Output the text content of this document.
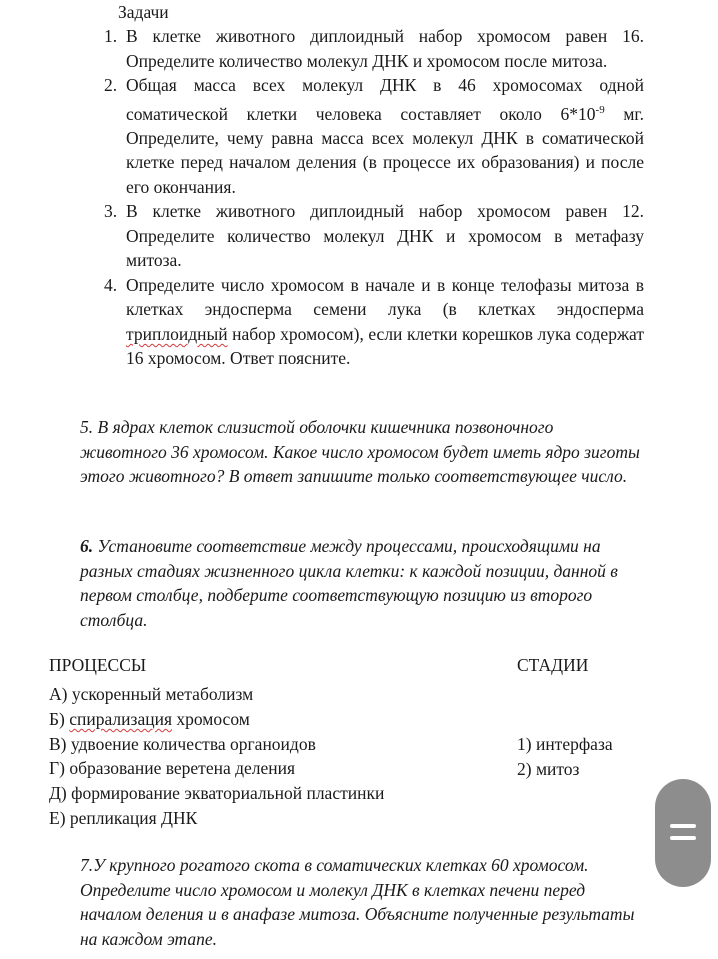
Задачи
1. В клетке животного диплоидный набор хромосом равен 16. Определите количество молекул ДНК и хромосом после митоза.
2. Общая масса всех молекул ДНК в 46 хромосомах одной соматической клетки человека составляет около $6*10^{-9}$ мг. Определите, чему равна масса всех молекул ДНК в соматической клетке перед началом деления (в процессе их образования) и после его окончания.
3. В клетке животного диплоидный набор хромосом равен 12. Определите количество молекул ДНК и хромосом в метафазу митоза.
4. Определите число хромосом в начале и в конце телофазы митоза в клетках эндосперма семени лука (в клетках эндосперма триплоидный набор хромосом), если клетки корешков лука содержат 16 хромосом. Ответ поясните.
5. В ядрах клеток слизистой оболочки кишечника позвоночного животного 36 хромосом. Какое число хромосом будет иметь ядро зиготы этого животного? В ответ запишите только соответствующее число.
6. Установите соответствие между процессами, происходящими на разных стадиях жизненного цикла клетки: к каждой позиции, данной в первом столбце, подберите соответствующую позицию из второго столбца.
ПРОЦЕССЫ	СТАДИИ
А) ускоренный метаболизм
Б) спирализация хромосом
В) удвоение количества органоидов
Г) образование веретена деления
Д) формирование экваториальной пластинки
Е) репликация ДНК
1) интерфаза
2) митоз
7.У крупного рогатого скота в соматических клетках 60 хромосом. Определите число хромосом и молекул ДНК в клетках печени перед началом деления и в анафазе митоза. Объясните полученные результаты на каждом этапе.
